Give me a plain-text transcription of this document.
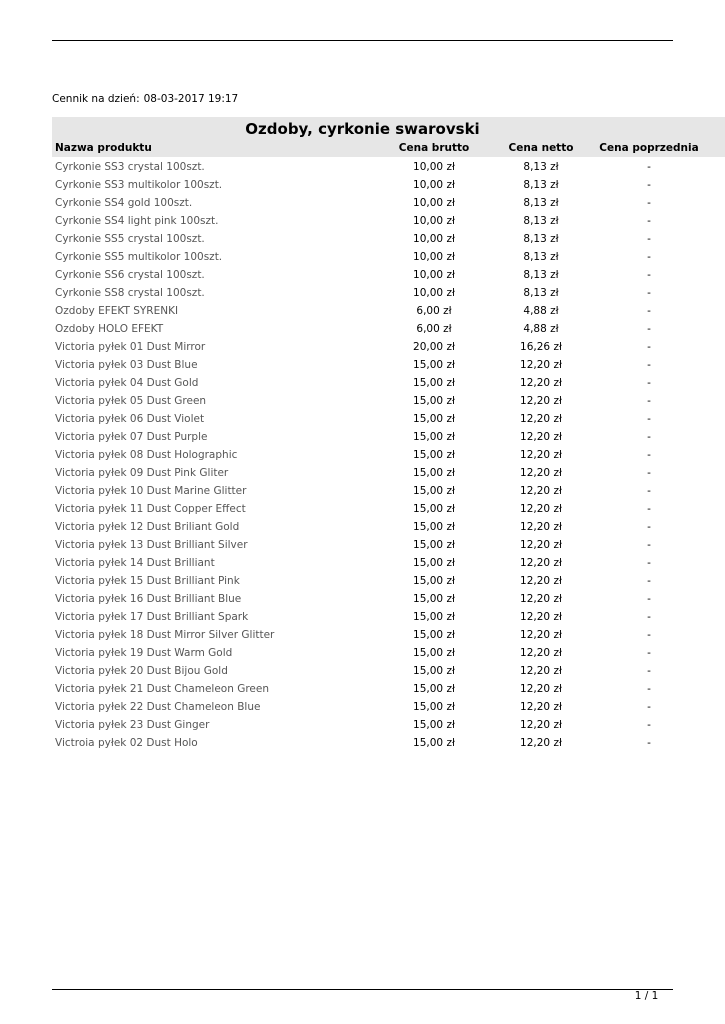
Cennik na dzień: 08-03-2017 19:17
Ozdoby, cyrkonie swarovski
Nazwa produktu	Cena brutto	Cena netto	Cena poprzednia
Cyrkonie SS3 crystal 100szt.	10,00 zł	8,13 zł	-
Cyrkonie SS3 multikolor 100szt.	10,00 zł	8,13 zł	-
Cyrkonie SS4 gold 100szt.	10,00 zł	8,13 zł	-
Cyrkonie SS4 light pink 100szt.	10,00 zł	8,13 zł	-
Cyrkonie SS5 crystal 100szt.	10,00 zł	8,13 zł	-
Cyrkonie SS5 multikolor 100szt.	10,00 zł	8,13 zł	-
Cyrkonie SS6 crystal 100szt.	10,00 zł	8,13 zł	-
Cyrkonie SS8 crystal 100szt.	10,00 zł	8,13 zł	-
Ozdoby EFEKT SYRENKI	6,00 zł	4,88 zł	-
Ozdoby HOLO EFEKT	6,00 zł	4,88 zł	-
Victoria pyłek 01 Dust Mirror	20,00 zł	16,26 zł	-
Victoria pyłek 03 Dust Blue	15,00 zł	12,20 zł	-
Victoria pyłek 04 Dust Gold	15,00 zł	12,20 zł	-
Victoria pyłek 05 Dust Green	15,00 zł	12,20 zł	-
Victoria pyłek 06 Dust Violet	15,00 zł	12,20 zł	-
Victoria pyłek 07 Dust Purple	15,00 zł	12,20 zł	-
Victoria pyłek 08 Dust Holographic	15,00 zł	12,20 zł	-
Victoria pyłek 09 Dust Pink Gliter	15,00 zł	12,20 zł	-
Victoria pyłek 10 Dust Marine Glitter	15,00 zł	12,20 zł	-
Victoria pyłek 11 Dust Copper Effect	15,00 zł	12,20 zł	-
Victoria pyłek 12 Dust Briliant Gold	15,00 zł	12,20 zł	-
Victoria pyłek 13 Dust Brilliant Silver	15,00 zł	12,20 zł	-
Victoria pyłek 14 Dust Brilliant	15,00 zł	12,20 zł	-
Victoria pyłek 15 Dust Brilliant Pink	15,00 zł	12,20 zł	-
Victoria pyłek 16 Dust Brilliant Blue	15,00 zł	12,20 zł	-
Victoria pyłek 17 Dust Brilliant Spark	15,00 zł	12,20 zł	-
Victoria pyłek 18 Dust Mirror Silver Glitter	15,00 zł	12,20 zł	-
Victoria pyłek 19 Dust Warm Gold	15,00 zł	12,20 zł	-
Victoria pyłek 20 Dust Bijou Gold	15,00 zł	12,20 zł	-
Victoria pyłek 21 Dust Chameleon Green	15,00 zł	12,20 zł	-
Victoria pyłek 22 Dust Chameleon Blue	15,00 zł	12,20 zł	-
Victoria pyłek 23 Dust Ginger	15,00 zł	12,20 zł	-
Victroia pyłek 02 Dust Holo	15,00 zł	12,20 zł	-
1 / 1
